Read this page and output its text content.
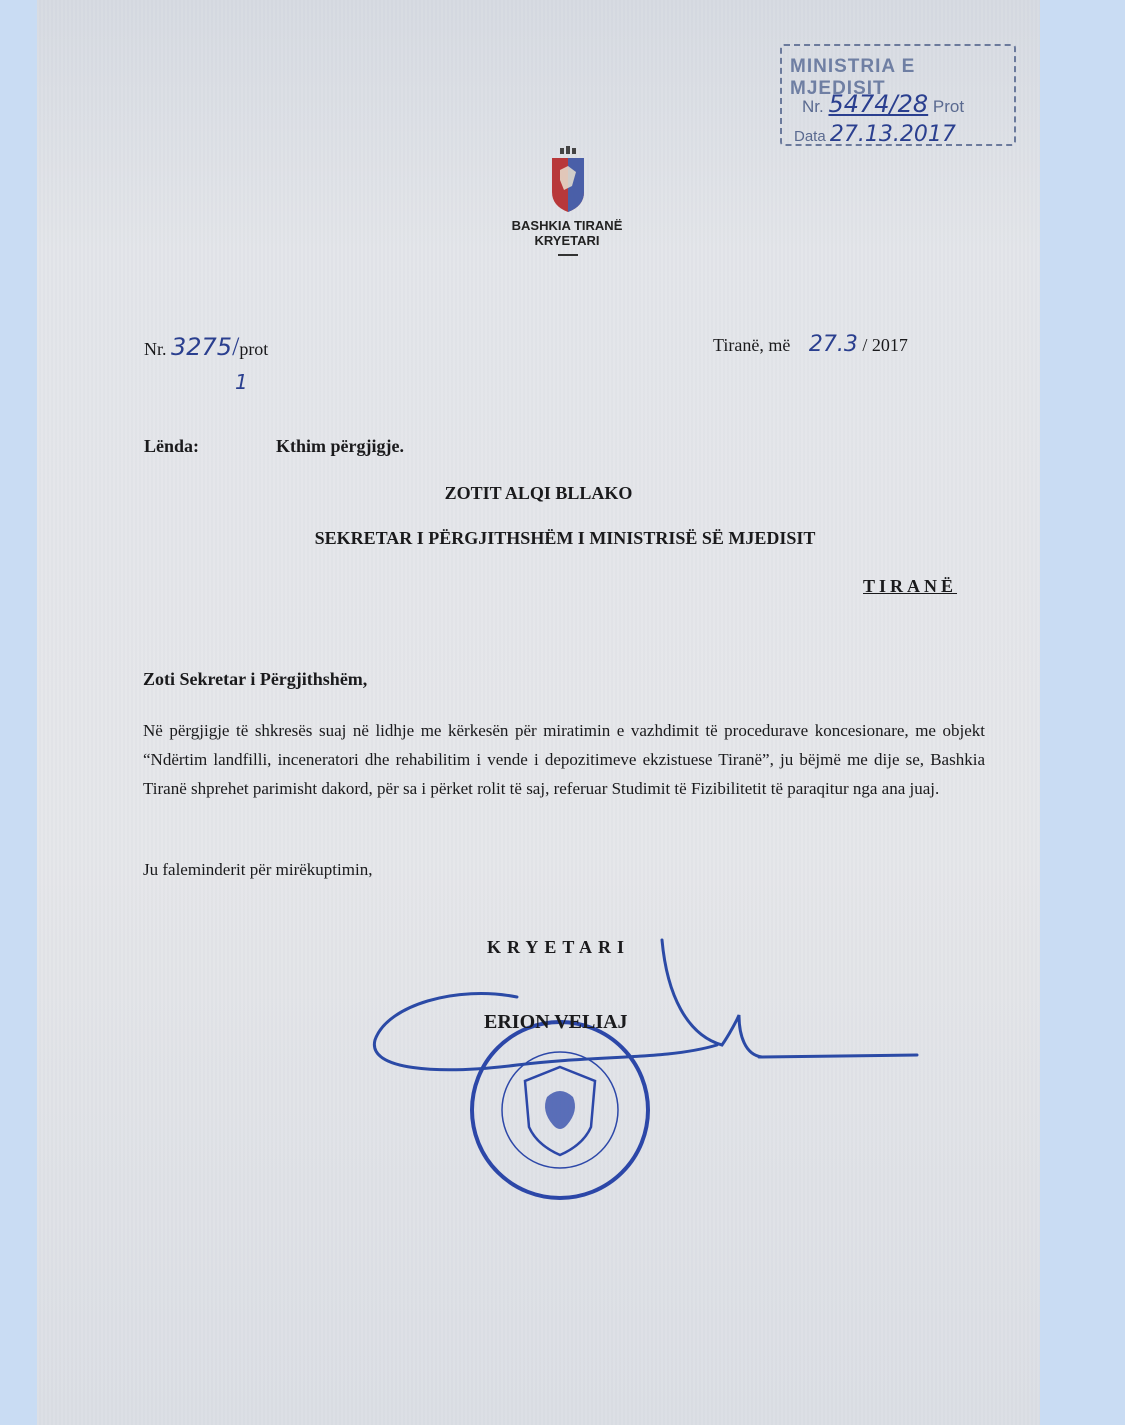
MINISTRIA E MJEDISIT
Nr. 5474/28 Prot
Data 27.13.2017
BASHKIA TIRANË
KRYETARI
Nr. 3275/prot
1
Tiranë, më 27.3 / 2017
Lënda:	Kthim përgjigje.
ZOTIT ALQI BLLAKO
SEKRETAR I PËRGJITHSHËM I MINISTRISË SË MJEDISIT
TIRANË
Zoti Sekretar i Përgjithshëm,
Në përgjigje të shkresës suaj në lidhje me kërkesën për miratimin e vazhdimit të procedurave koncesionare, me objekt “Ndërtim landfilli, inceneratori dhe rehabilitim i vende i depozitimeve ekzistuese Tiranë”, ju bëjmë me dije se, Bashkia Tiranë shprehet parimisht dakord, për sa i përket rolit të saj, referuar Studimit të Fizibilitetit të paraqitur nga ana juaj.
Ju faleminderit për mirëkuptimin,
KRYETARI
ERION VELIAJ
